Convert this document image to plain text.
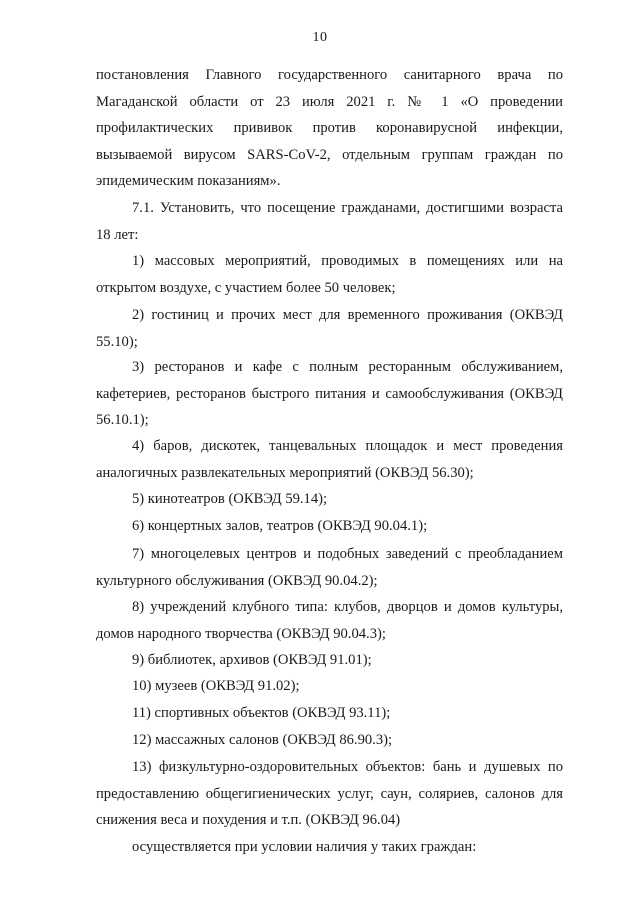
10

постановления Главного государственного санитарного врача по Магаданской области от 23 июля 2021 г. № 1 «О проведении профилактических прививок против коронавирусной инфекции, вызываемой вирусом SARS-CoV-2, отдельным группам граждан по эпидемическим показаниям».

7.1. Установить, что посещение гражданами, достигшими возраста 18 лет:

1) массовых мероприятий, проводимых в помещениях или на открытом воздухе, с участием более 50 человек;

2) гостиниц и прочих мест для временного проживания (ОКВЭД 55.10);

3) ресторанов и кафе с полным ресторанным обслуживанием, кафетериев, ресторанов быстрого питания и самообслуживания (ОКВЭД 56.10.1);

4) баров, дискотек, танцевальных площадок и мест проведения аналогичных развлекательных мероприятий (ОКВЭД 56.30);

5) кинотеатров (ОКВЭД 59.14);

6) концертных залов, театров (ОКВЭД 90.04.1);

7) многоцелевых центров и подобных заведений с преобладанием культурного обслуживания (ОКВЭД 90.04.2);

8) учреждений клубного типа: клубов, дворцов и домов культуры, домов народного творчества (ОКВЭД 90.04.3);

9) библиотек, архивов (ОКВЭД 91.01);

10) музеев (ОКВЭД 91.02);

11) спортивных объектов (ОКВЭД 93.11);

12) массажных салонов (ОКВЭД 86.90.3);

13) физкультурно-оздоровительных объектов: бань и душевых по предоставлению общегигиенических услуг, саун, соляриев, салонов для снижения веса и похудения и т.п. (ОКВЭД 96.04)

осуществляется при условии наличия у таких граждан:
